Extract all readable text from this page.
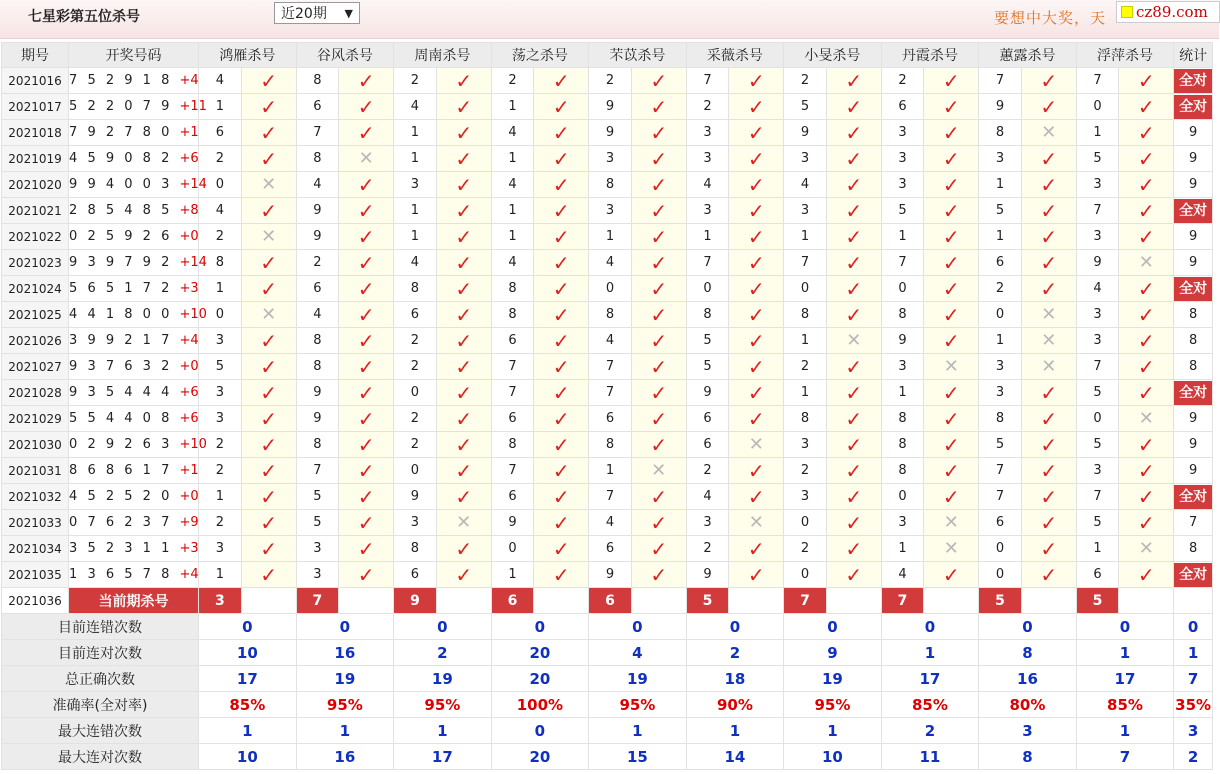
七星彩第五位杀号	近20期 ▼	要想中大奖，天	cz89.com
期号	开奖号码	鸿雁杀号		谷风杀号		周南杀号		荡之杀号		芣苡杀号		采薇杀号		小旻杀号		丹霞杀号		蕙露杀号		浮萍杀号		统计
2021016	7 5 2 9 1 8 +4	4	✓	8	✓	2	✓	2	✓	2	✓	7	✓	2	✓	2	✓	7	✓	7	✓	全对

2021017	5 2 2 0 7 9 +11	1	✓	6	✓	4	✓	1	✓	9	✓	2	✓	5	✓	6	✓	9	✓	0	✓	全对

2021018	7 9 2 7 8 0 +1	6	✓	7	✓	1	✓	4	✓	9	✓	3	✓	9	✓	3	✓	8	✕	1	✓	9
2021019	4 5 9 0 8 2 +6	2	✓	8	✕	1	✓	1	✓	3	✓	3	✓	3	✓	3	✓	3	✓	5	✓	9
2021020	9 9 4 0 0 3 +14	0	✕	4	✓	3	✓	4	✓	8	✓	4	✓	4	✓	3	✓	1	✓	3	✓	9
2021021	2 8 5 4 8 5 +8	4	✓	9	✓	1	✓	1	✓	3	✓	3	✓	3	✓	5	✓	5	✓	7	✓	全对

2021022	0 2 5 9 2 6 +0	2	✕	9	✓	1	✓	1	✓	1	✓	1	✓	1	✓	1	✓	1	✓	3	✓	9
2021023	9 3 9 7 9 2 +14	8	✓	2	✓	4	✓	4	✓	4	✓	7	✓	7	✓	7	✓	6	✓	9	✕	9
2021024	5 6 5 1 7 2 +3	1	✓	6	✓	8	✓	8	✓	0	✓	0	✓	0	✓	0	✓	2	✓	4	✓	全对

2021025	4 4 1 8 0 0 +10	0	✕	4	✓	6	✓	8	✓	8	✓	8	✓	8	✓	8	✓	0	✕	3	✓	8
2021026	3 9 9 2 1 7 +4	3	✓	8	✓	2	✓	6	✓	4	✓	5	✓	1	✕	9	✓	1	✕	3	✓	8
2021027	9 3 7 6 3 2 +0	5	✓	8	✓	2	✓	7	✓	7	✓	5	✓	2	✓	3	✕	3	✕	7	✓	8
2021028	9 3 5 4 4 4 +6	3	✓	9	✓	0	✓	7	✓	7	✓	9	✓	1	✓	1	✓	3	✓	5	✓	全对

2021029	5 5 4 4 0 8 +6	3	✓	9	✓	2	✓	6	✓	6	✓	6	✓	8	✓	8	✓	8	✓	0	✕	9
2021030	0 2 9 2 6 3 +10	2	✓	8	✓	2	✓	8	✓	8	✓	6	✕	3	✓	8	✓	5	✓	5	✓	9
2021031	8 6 8 6 1 7 +1	2	✓	7	✓	0	✓	7	✓	1	✕	2	✓	2	✓	8	✓	7	✓	3	✓	9
2021032	4 5 2 5 2 0 +0	1	✓	5	✓	9	✓	6	✓	7	✓	4	✓	3	✓	0	✓	7	✓	7	✓	全对

2021033	0 7 6 2 3 7 +9	2	✓	5	✓	3	✕	9	✓	4	✓	3	✕	0	✓	3	✕	6	✓	5	✓	7
2021034	3 5 2 3 1 1 +3	3	✓	3	✓	8	✓	0	✓	6	✓	2	✓	2	✓	1	✕	0	✓	1	✕	8
2021035	1 3 6 5 7 8 +4	1	✓	3	✓	6	✓	1	✓	9	✓	9	✓	0	✓	4	✓	0	✓	6	✓	全对

2021036	当前期杀号	3		7		9		6		6		5		7		7		5		5		
目前连错次数		0		0		0		0		0		0		0		0		0		0		0
目前连对次数		10		16		2		20		4		2		9		1		8		1		1
总正确次数		17		19		19		20		19		18		19		17		16		17		7
准确率(全对率)		85%		95%		95%		100%		95%		90%		95%		85%		80%		85%		35%
最大连错次数		1		1		1		0		1		1		1		2		3		1		3
最大连对次数		10		16		17		20		15		14		10		11		8		7		2
